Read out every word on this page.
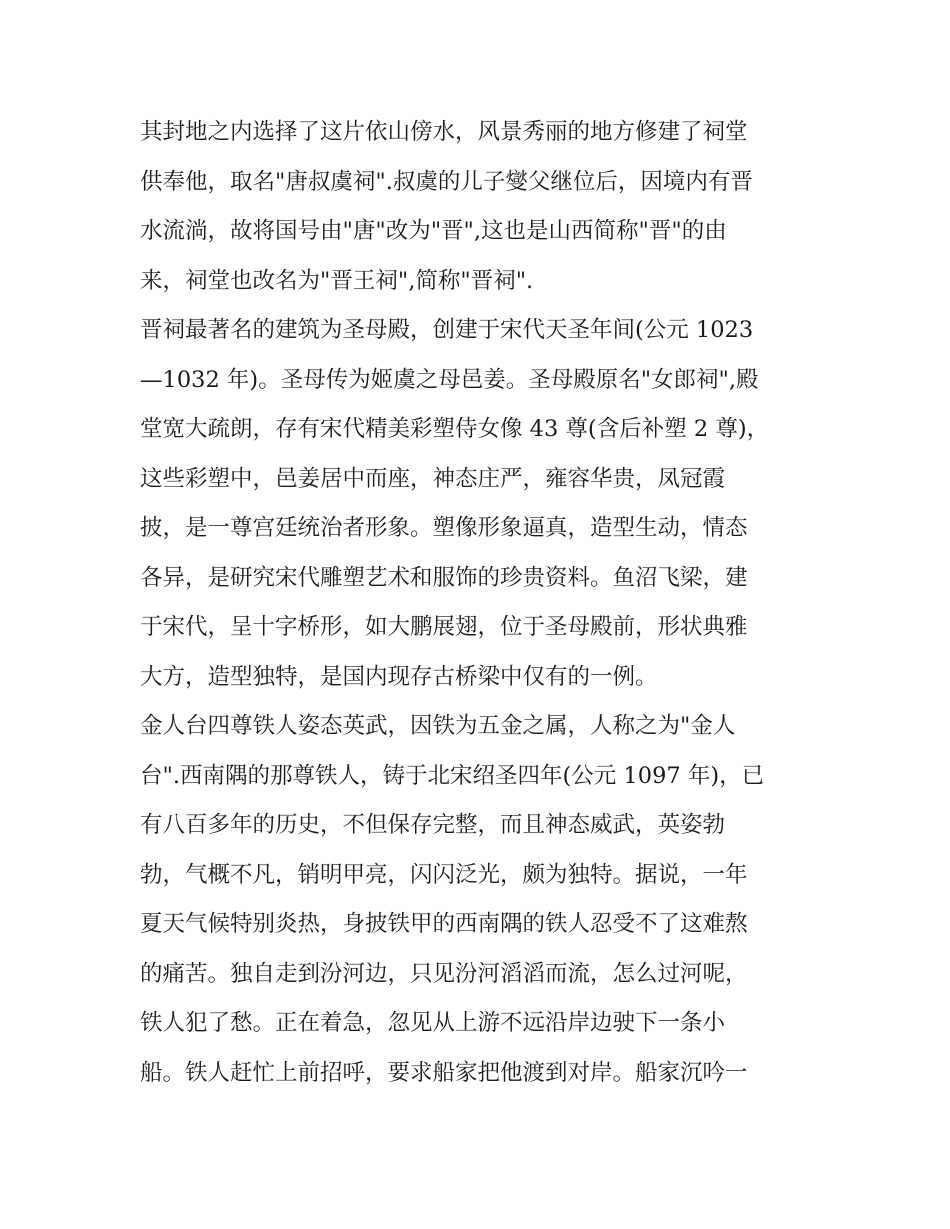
其封地之内选择了这片依山傍水，风景秀丽的地方修建了祠堂
供奉他，取名"唐叔虞祠".叔虞的儿子燮父继位后，因境内有晋
水流淌，故将国号由"唐"改为"晋",这也是山西简称"晋"的由
来，祠堂也改名为"晋王祠",简称"晋祠".
晋祠最著名的建筑为圣母殿，创建于宋代天圣年间(公元 1023
—1032 年)。圣母传为姬虞之母邑姜。圣母殿原名"女郎祠",殿
堂宽大疏朗，存有宋代精美彩塑侍女像 43 尊(含后补塑 2 尊)，
这些彩塑中，邑姜居中而座，神态庄严，雍容华贵，凤冠霞
披，是一尊宫廷统治者形象。塑像形象逼真，造型生动，情态
各异，是研究宋代雕塑艺术和服饰的珍贵资料。鱼沼飞梁，建
于宋代，呈十字桥形，如大鹏展翅，位于圣母殿前，形状典雅
大方，造型独特，是国内现存古桥梁中仅有的一例。
金人台四尊铁人姿态英武，因铁为五金之属，人称之为"金人
台".西南隅的那尊铁人，铸于北宋绍圣四年(公元 1097 年)，已
有八百多年的历史，不但保存完整，而且神态威武，英姿勃
勃，气概不凡，销明甲亮，闪闪泛光，颇为独特。据说，一年
夏天气候特别炎热，身披铁甲的西南隅的铁人忍受不了这难熬
的痛苦。独自走到汾河边，只见汾河滔滔而流，怎么过河呢，
铁人犯了愁。正在着急，忽见从上游不远沿岸边驶下一条小
船。铁人赶忙上前招呼，要求船家把他渡到对岸。船家沉吟一
